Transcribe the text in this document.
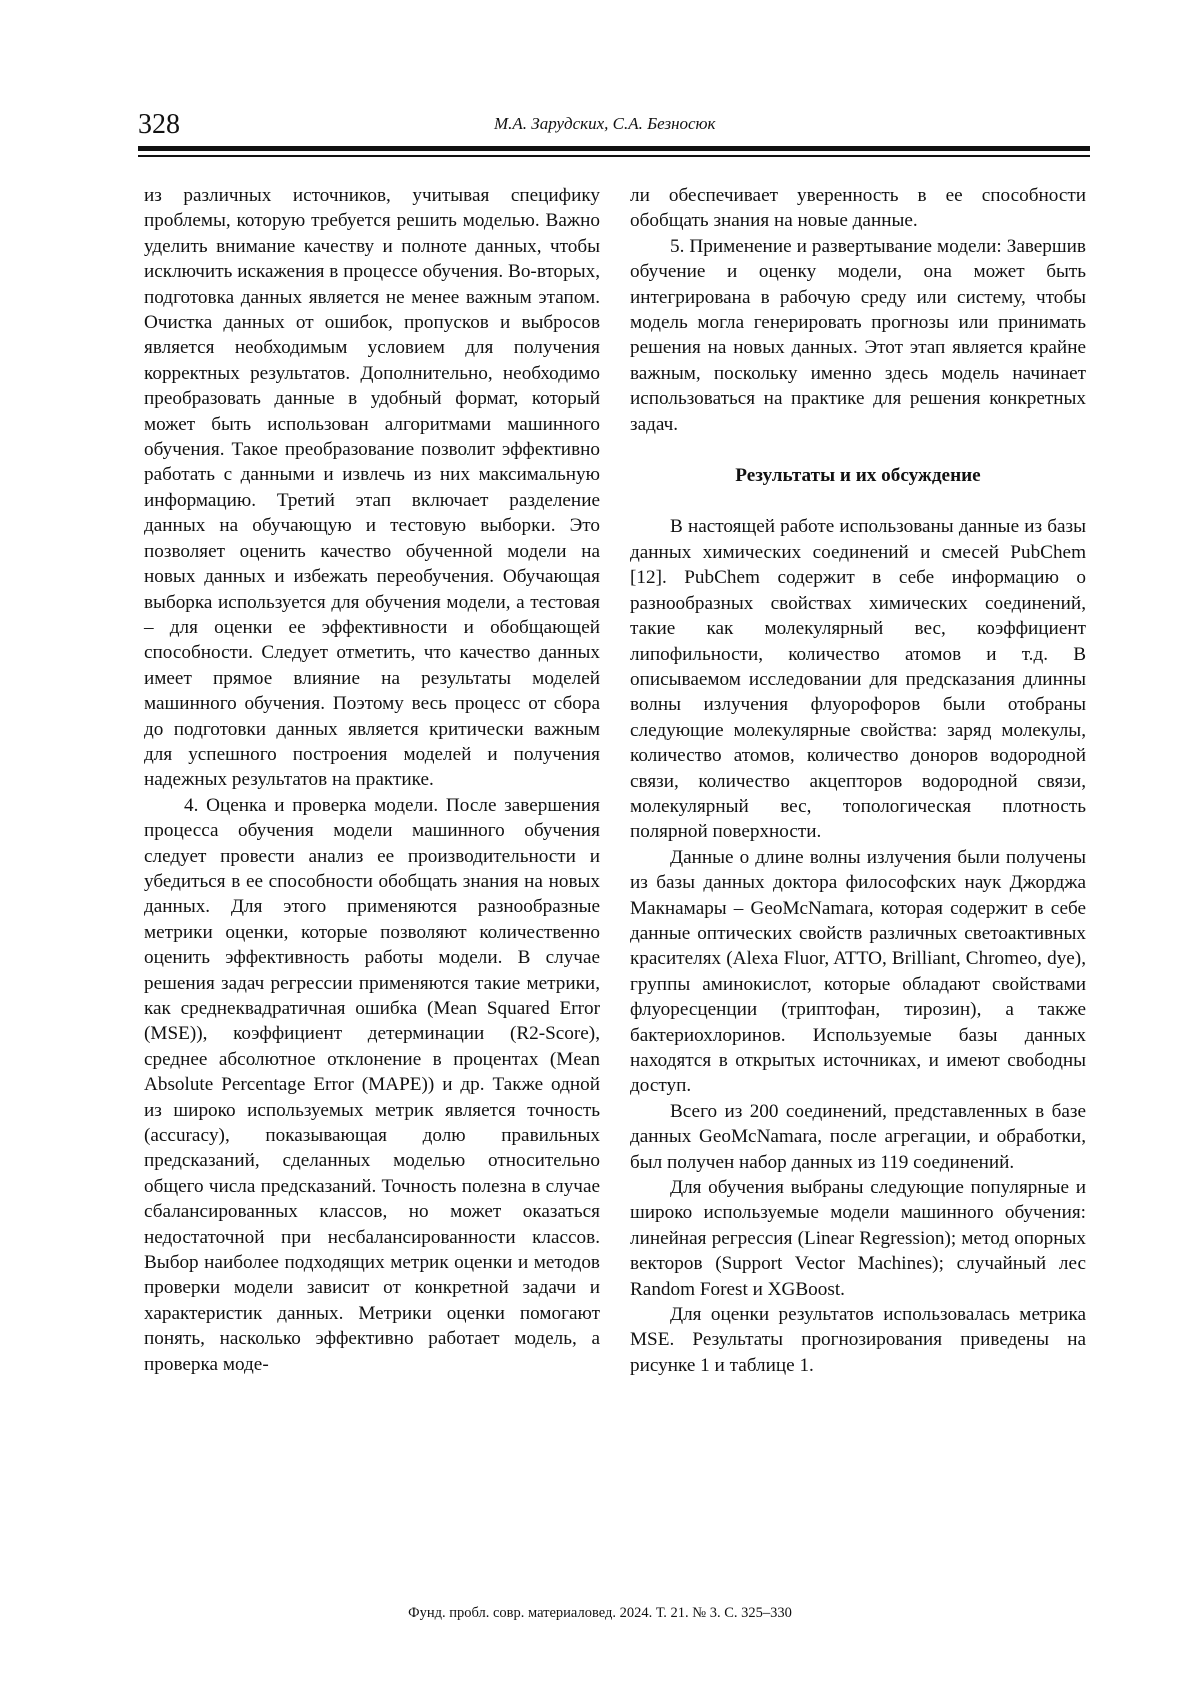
328	М.А. Зарудских, С.А. Безносюк

из различных источников, учитывая специфику проблемы, которую требуется решить моделью. Важно уделить внимание качеству и полноте данных, чтобы исключить искажения в процессе обучения. Во-вторых, подготовка данных является не менее важным этапом. Очистка данных от ошибок, пропусков и выбросов является необходимым условием для получения корректных результатов. Дополнительно, необходимо преобразовать данные в удобный формат, который может быть использован алгоритмами машинного обучения. Такое преобразование позволит эффективно работать с данными и извлечь из них максимальную информацию. Третий этап включает разделение данных на обучающую и тестовую выборки. Это позволяет оценить качество обученной модели на новых данных и избежать переобучения. Обучающая выборка используется для обучения модели, а тестовая – для оценки ее эффективности и обобщающей способности. Следует отметить, что качество данных имеет прямое влияние на результаты моделей машинного обучения. Поэтому весь процесс от сбора до подготовки данных является критически важным для успешного построения моделей и получения надежных результатов на практике.

4. Оценка и проверка модели. После завершения процесса обучения модели машинного обучения следует провести анализ ее производительности и убедиться в ее способности обобщать знания на новых данных. Для этого применяются разнообразные метрики оценки, которые позволяют количественно оценить эффективность работы модели. В случае решения задач регрессии применяются такие метрики, как среднеквадратичная ошибка (Mean Squared Error (MSE)), коэффициент детерминации (R2-Score), среднее абсолютное отклонение в процентах (Mean Absolute Percentage Error (MAPE)) и др. Также одной из широко используемых метрик является точность (accuracy), показывающая долю правильных предсказаний, сделанных моделью относительно общего числа предсказаний. Точность полезна в случае сбалансированных классов, но может оказаться недостаточной при несбалансированности классов. Выбор наиболее подходящих метрик оценки и методов проверки модели зависит от конкретной задачи и характеристик данных. Метрики оценки помогают понять, насколько эффективно работает модель, а проверка моде-

ли обеспечивает уверенность в ее способности обобщать знания на новые данные.

5. Применение и развертывание модели: Завершив обучение и оценку модели, она может быть интегрирована в рабочую среду или систему, чтобы модель могла генерировать прогнозы или принимать решения на новых данных. Этот этап является крайне важным, поскольку именно здесь модель начинает использоваться на практике для решения конкретных задач.

Результаты и их обсуждение

В настоящей работе использованы данные из базы данных химических соединений и смесей PubChem [12]. PubChem содержит в себе информацию о разнообразных свойствах химических соединений, такие как молекулярный вес, коэффициент липофильности, количество атомов и т.д. В описываемом исследовании для предсказания длинны волны излучения флуорофоров были отобраны следующие молекулярные свойства: заряд молекулы, количество атомов, количество доноров водородной связи, количество акцепторов водородной связи, молекулярный вес, топологическая плотность полярной поверхности.

Данные о длине волны излучения были получены из базы данных доктора философских наук Джорджа Макнамары – GeoMcNamara, которая содержит в себе данные оптических свойств различных светоактивных красителях (Alexa Fluor, ATTO, Brilliant, Chromeo, dye), группы аминокислот, которые обладают свойствами флуоресценции (триптофан, тирозин), а также бактериохлоринов. Используемые базы данных находятся в открытых источниках, и имеют свободны доступ.

Всего из 200 соединений, представленных в базе данных GeoMcNamara, после агрегации, и обработки, был получен набор данных из 119 соединений.

Для обучения выбраны следующие популярные и широко используемые модели машинного обучения: линейная регрессия (Linear Regression); метод опорных векторов (Support Vector Machines); случайный лес Random Forest и XGBoost.

Для оценки результатов использовалась метрика MSE. Результаты прогнозирования приведены на рисунке 1 и таблице 1.

Фунд. пробл. совр. материаловед. 2024. Т. 21. № 3. С. 325–330
